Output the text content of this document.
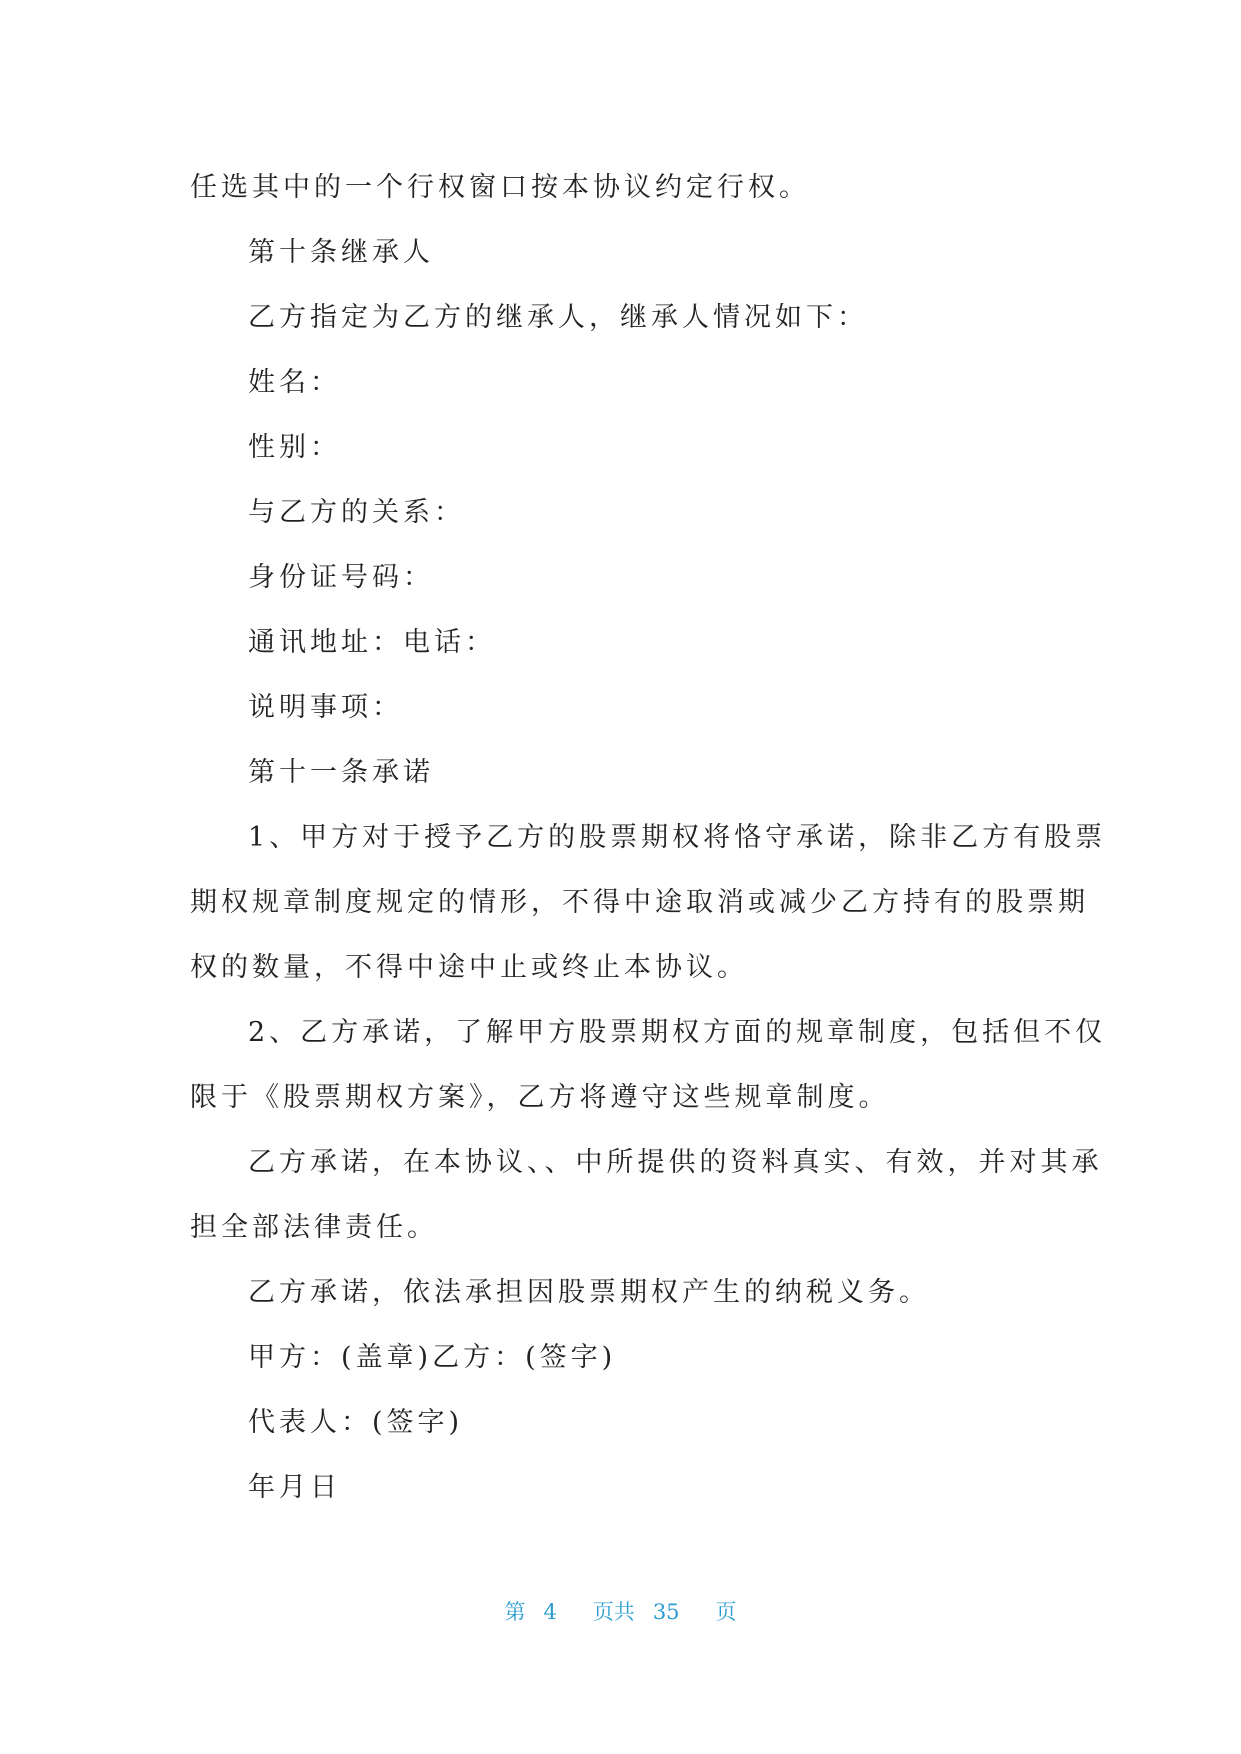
任选其中的一个行权窗口按本协议约定行权。

第十条继承人

乙方指定为乙方的继承人，继承人情况如下：

姓名：

性别：

与乙方的关系：

身份证号码：

通讯地址：电话：

说明事项：

第十一条承诺

1、甲方对于授予乙方的股票期权将恪守承诺，除非乙方有股票

期权规章制度规定的情形，不得中途取消或减少乙方持有的股票期

权的数量，不得中途中止或终止本协议。

2、乙方承诺，了解甲方股票期权方面的规章制度，包括但不仅

限于《股票期权方案》，乙方将遵守这些规章制度。

乙方承诺，在本协议、、中所提供的资料真实、有效，并对其承

担全部法律责任。

乙方承诺，依法承担因股票期权产生的纳税义务。

甲方：(盖章)乙方：(签字)

代表人：(签字)

年月日

第 4 页共 35 页
